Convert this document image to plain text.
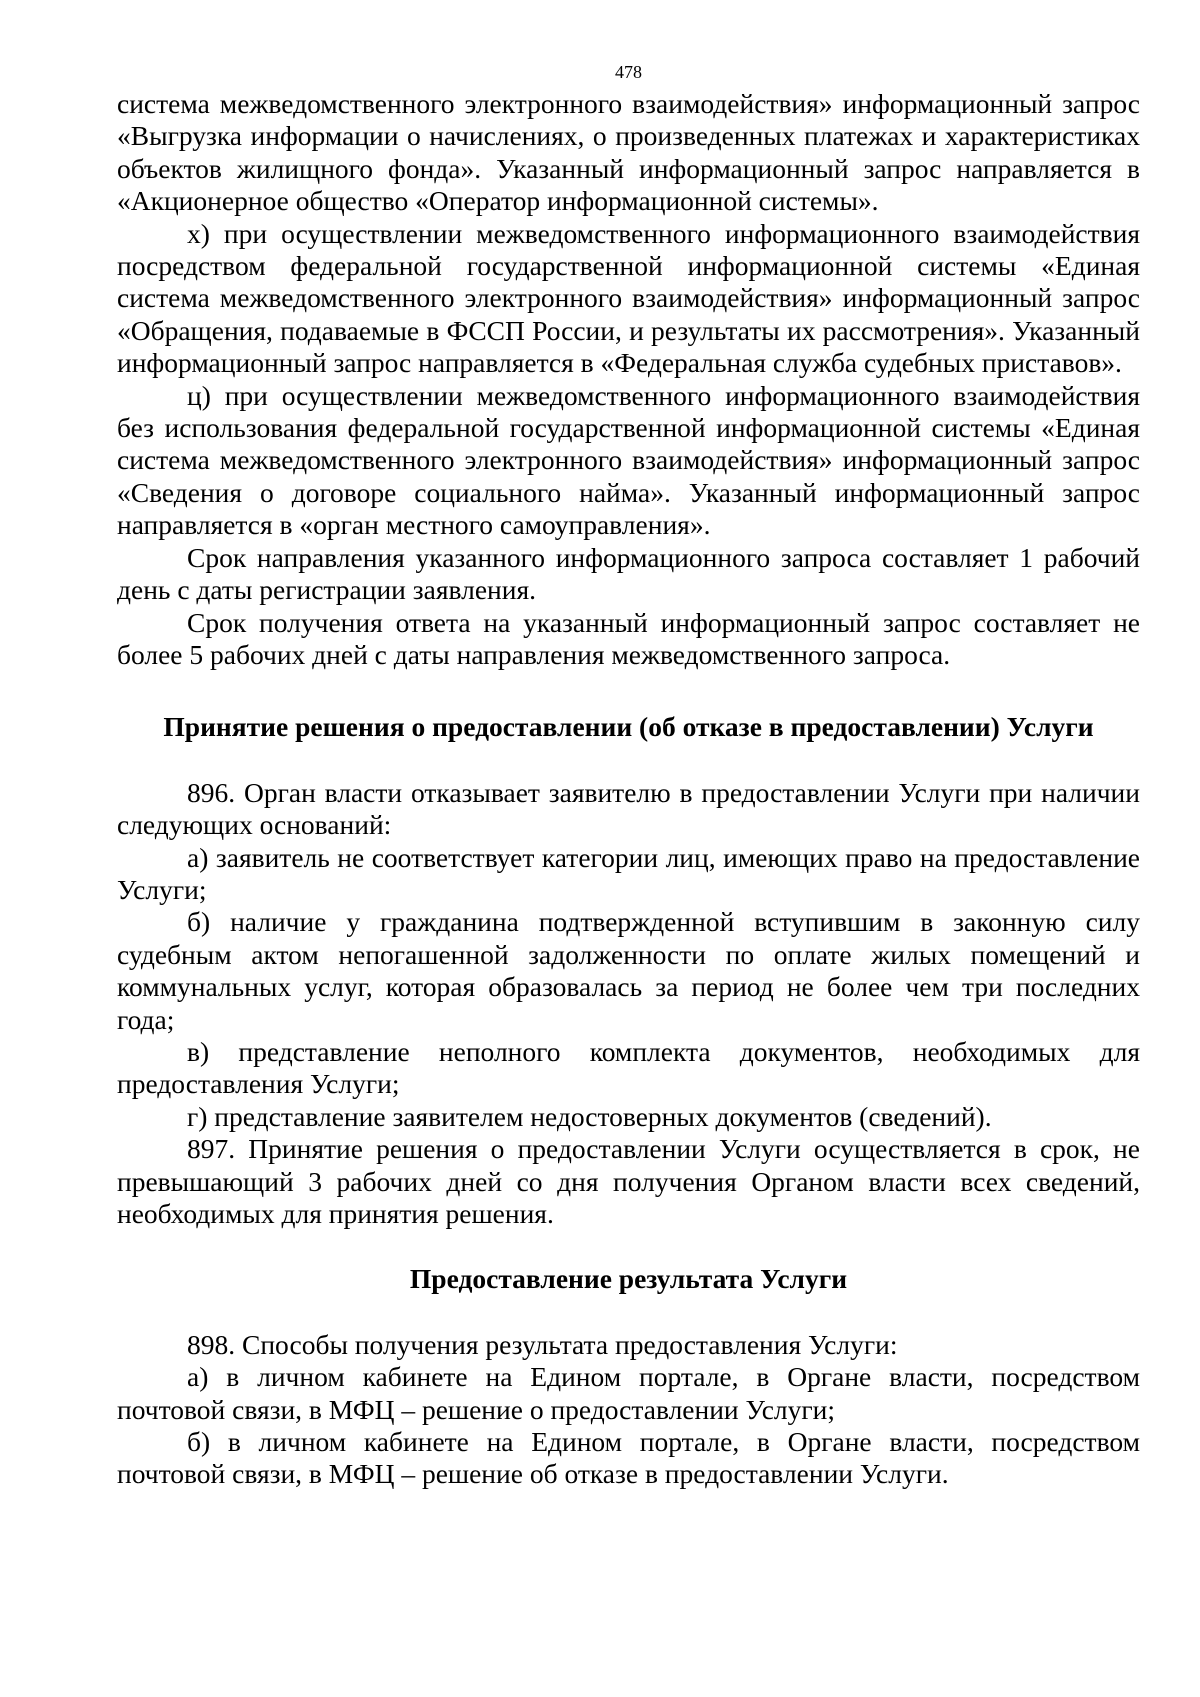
478

система межведомственного электронного взаимодействия» информационный запрос «Выгрузка информации о начислениях, о произведенных платежах и характеристиках объектов жилищного фонда». Указанный информационный запрос направляется в «Акционерное общество «Оператор информационной системы».

х) при осуществлении межведомственного информационного взаимодействия посредством федеральной государственной информационной системы «Единая система межведомственного электронного взаимодействия» информационный запрос «Обращения, подаваемые в ФССП России, и результаты их рассмотрения». Указанный информационный запрос направляется в «Федеральная служба судебных приставов».

ц) при осуществлении межведомственного информационного взаимодействия без использования федеральной государственной информационной системы «Единая система межведомственного электронного взаимодействия» информационный запрос «Сведения о договоре социального найма». Указанный информационный запрос направляется в «орган местного самоуправления».

Срок направления указанного информационного запроса составляет 1 рабочий день с даты регистрации заявления.

Срок получения ответа на указанный информационный запрос составляет не более 5 рабочих дней с даты направления межведомственного запроса.

Принятие решения о предоставлении (об отказе в предоставлении) Услуги

896. Орган власти отказывает заявителю в предоставлении Услуги при наличии следующих оснований:

а) заявитель не соответствует категории лиц, имеющих право на предоставление Услуги;

б) наличие у гражданина подтвержденной вступившим в законную силу судебным актом непогашенной задолженности по оплате жилых помещений и коммунальных услуг, которая образовалась за период не более чем три последних года;

в) представление неполного комплекта документов, необходимых для предоставления Услуги;

г) представление заявителем недостоверных документов (сведений).

897. Принятие решения о предоставлении Услуги осуществляется в срок, не превышающий 3 рабочих дней со дня получения Органом власти всех сведений, необходимых для принятия решения.

Предоставление результата Услуги

898. Способы получения результата предоставления Услуги:

а) в личном кабинете на Едином портале, в Органе власти, посредством почтовой связи, в МФЦ – решение о предоставлении Услуги;

б) в личном кабинете на Едином портале, в Органе власти, посредством почтовой связи, в МФЦ – решение об отказе в предоставлении Услуги.
